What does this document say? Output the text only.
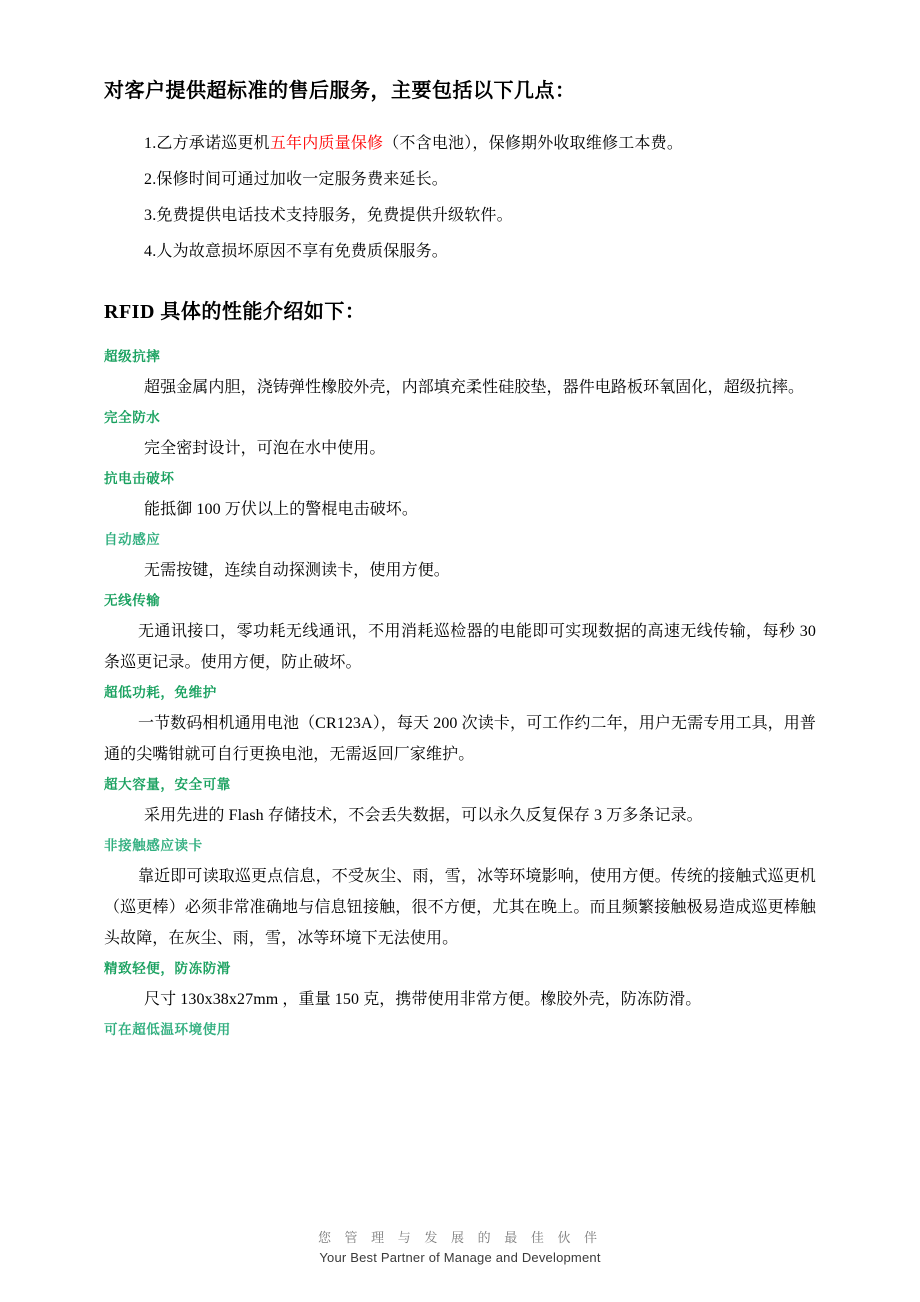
对客户提供超标准的售后服务，主要包括以下几点：

1.乙方承诺巡更机五年内质量保修（不含电池），保修期外收取维修工本费。

2.保修时间可通过加收一定服务费来延长。

3.免费提供电话技术支持服务，免费提供升级软件。

4.人为故意损坏原因不享有免费质保服务。

RFID 具体的性能介绍如下：
超级抗摔

超强金属内胆，浇铸弹性橡胶外壳，内部填充柔性硅胶垫，器件电路板环氧固化，超级抗摔。

完全防水

完全密封设计，可泡在水中使用。

抗电击破坏

能抵御 100 万伏以上的警棍电击破坏。

自动感应

无需按键，连续自动探测读卡，使用方便。

无线传输

无通讯接口，零功耗无线通讯，不用消耗巡检器的电能即可实现数据的高速无线传输，每秒 30 条巡更记录。使用方便，防止破坏。

超低功耗，免维护

一节数码相机通用电池（CR123A），每天 200 次读卡，可工作约二年，用户无需专用工具，用普通的尖嘴钳就可自行更换电池，无需返回厂家维护。

超大容量，安全可靠

采用先进的 Flash 存储技术，不会丢失数据，可以永久反复保存 3 万多条记录。

非接触感应读卡

靠近即可读取巡更点信息，不受灰尘、雨，雪，冰等环境影响，使用方便。传统的接触式巡更机（巡更棒）必须非常准确地与信息钮接触，很不方便，尤其在晚上。而且频繁接触极易造成巡更棒触头故障，在灰尘、雨，雪，冰等环境下无法使用。

精致轻便，防冻防滑

尺寸 130x38x27mm ，重量 150 克，携带使用非常方便。橡胶外壳，防冻防滑。

可在超低温环境使用
您 管 理 与 发 展 的 最 佳 伙 伴
Your Best Partner of Manage and Development
